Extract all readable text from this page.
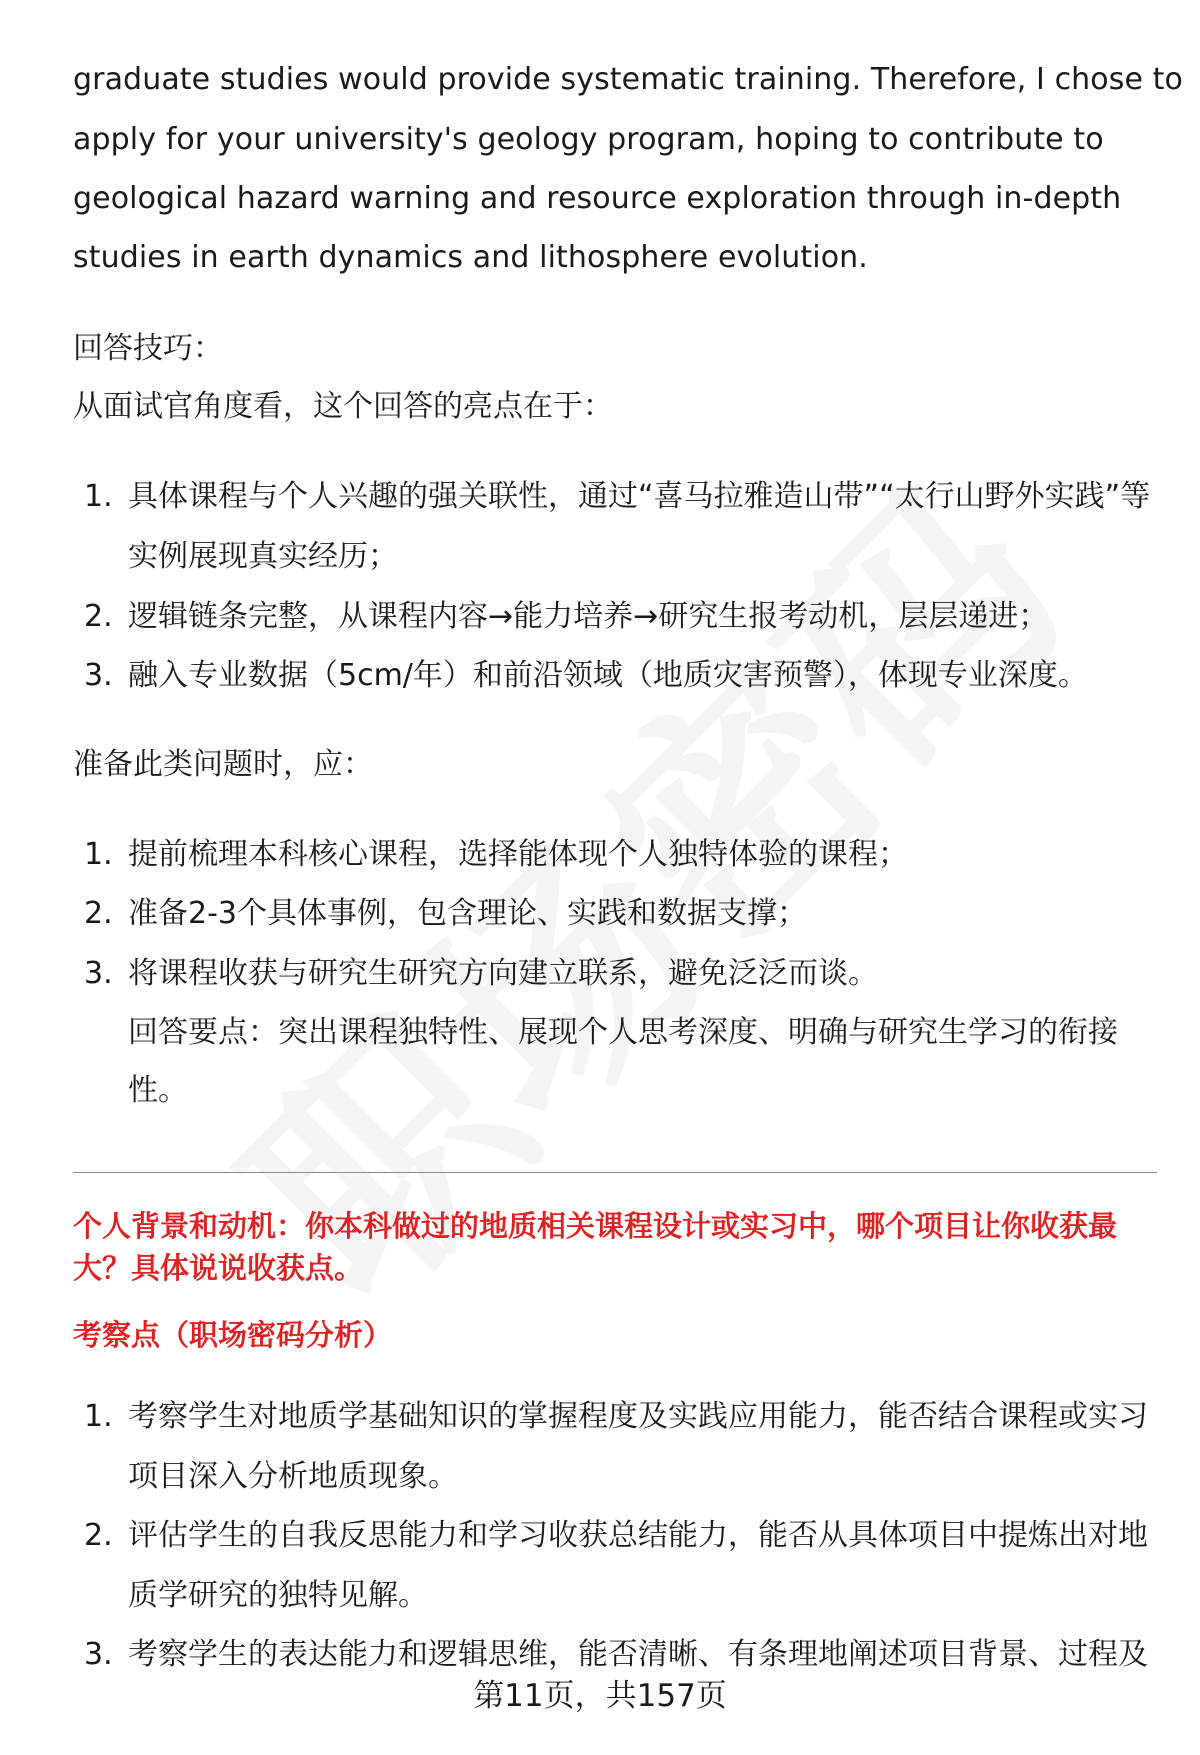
graduate studies would provide systematic training. Therefore, I chose to
apply for your university's geology program, hoping to contribute to
geological hazard warning and resource exploration through in-depth
studies in earth dynamics and lithosphere evolution.
回答技巧：
从面试官角度看，这个回答的亮点在于：
1. 具体课程与个人兴趣的强关联性，通过“喜马拉雅造山带”“太行山野外实践”等实例展现真实经历；
2. 逻辑链条完整，从课程内容→能力培养→研究生报考动机，层层递进；
3. 融入专业数据（5cm/年）和前沿领域（地质灾害预警），体现专业深度。
准备此类问题时，应：
1. 提前梳理本科核心课程，选择能体现个人独特体验的课程；
2. 准备2-3个具体事例，包含理论、实践和数据支撑；
3. 将课程收获与研究生研究方向建立联系，避免泛泛而谈。
回答要点：突出课程独特性、展现个人思考深度、明确与研究生学习的衔接性。
个人背景和动机：你本科做过的地质相关课程设计或实习中，哪个项目让你收获最大？具体说说收获点。
考察点（职场密码分析）
1. 考察学生对地质学基础知识的掌握程度及实践应用能力，能否结合课程或实习项目深入分析地质现象。
2. 评估学生的自我反思能力和学习收获总结能力，能否从具体项目中提炼出对地质学研究的独特见解。
3. 考察学生的表达能力和逻辑思维，能否清晰、有条理地阐述项目背景、过程及
第11页，共157页
